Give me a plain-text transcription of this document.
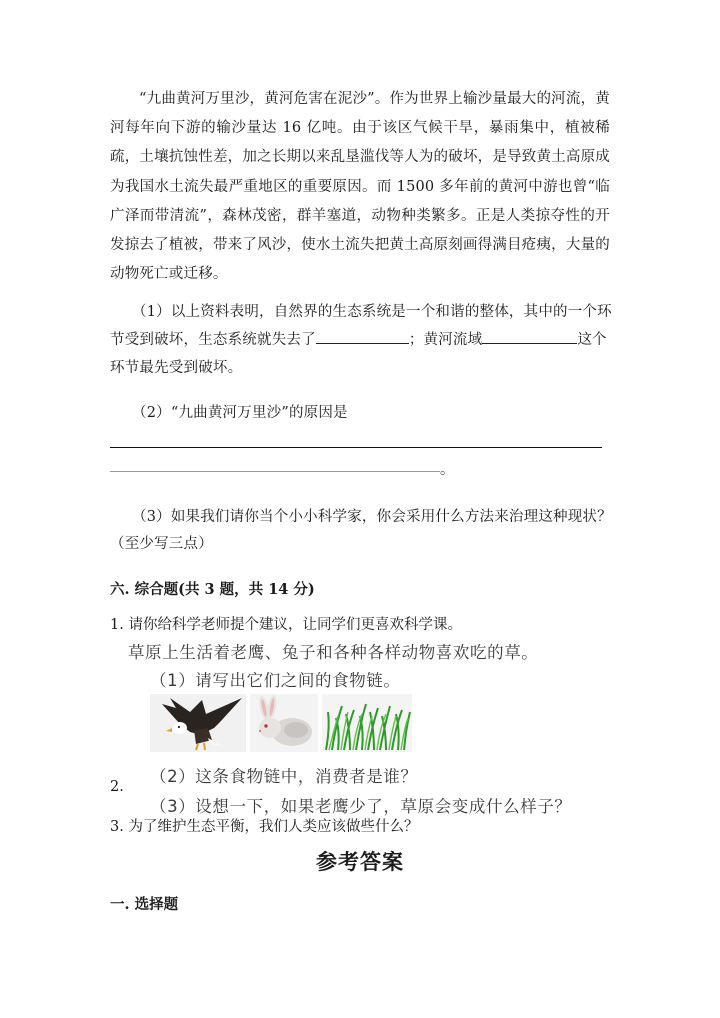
“九曲黄河万里沙，黄河危害在泥沙”。作为世界上输沙量最大的河流，黄河每年向下游的输沙量达 16 亿吨。由于该区气候干旱，暴雨集中，植被稀疏，土壤抗蚀性差，加之长期以来乱垦滥伐等人为的破坏，是导致黄土高原成为我国水土流失最严重地区的重要原因。而 1500 多年前的黄河中游也曾“临广泽而带清流”，森林茂密，群羊塞道，动物种类繁多。正是人类掠夺性的开发掠去了植被，带来了风沙，使水土流失把黄土高原刻画得满目疮痍，大量的动物死亡或迁移。
（1）以上资料表明，自然界的生态系统是一个和谐的整体，其中的一个环
节受到破坏，生态系统就失去了	；黄河流域	这个
环节最先受到破坏。
（2）“九曲黄河万里沙”的原因是
。
（3）如果我们请你当个小小科学家，你会采用什么方法来治理这种现状？
（至少写三点）
六. 综合题(共 3 题，共 14 分)
1. 请你给科学老师提个建议，让同学们更喜欢科学课。
草原上生活着老鹰、兔子和各种各样动物喜欢吃的草。
（1）请写出它们之间的食物链。
（2）这条食物链中，消费者是谁？
（3）设想一下，如果老鹰少了，草原会变成什么样子？
2.
3. 为了维护生态平衡，我们人类应该做些什么？
参考答案
一. 选择题
